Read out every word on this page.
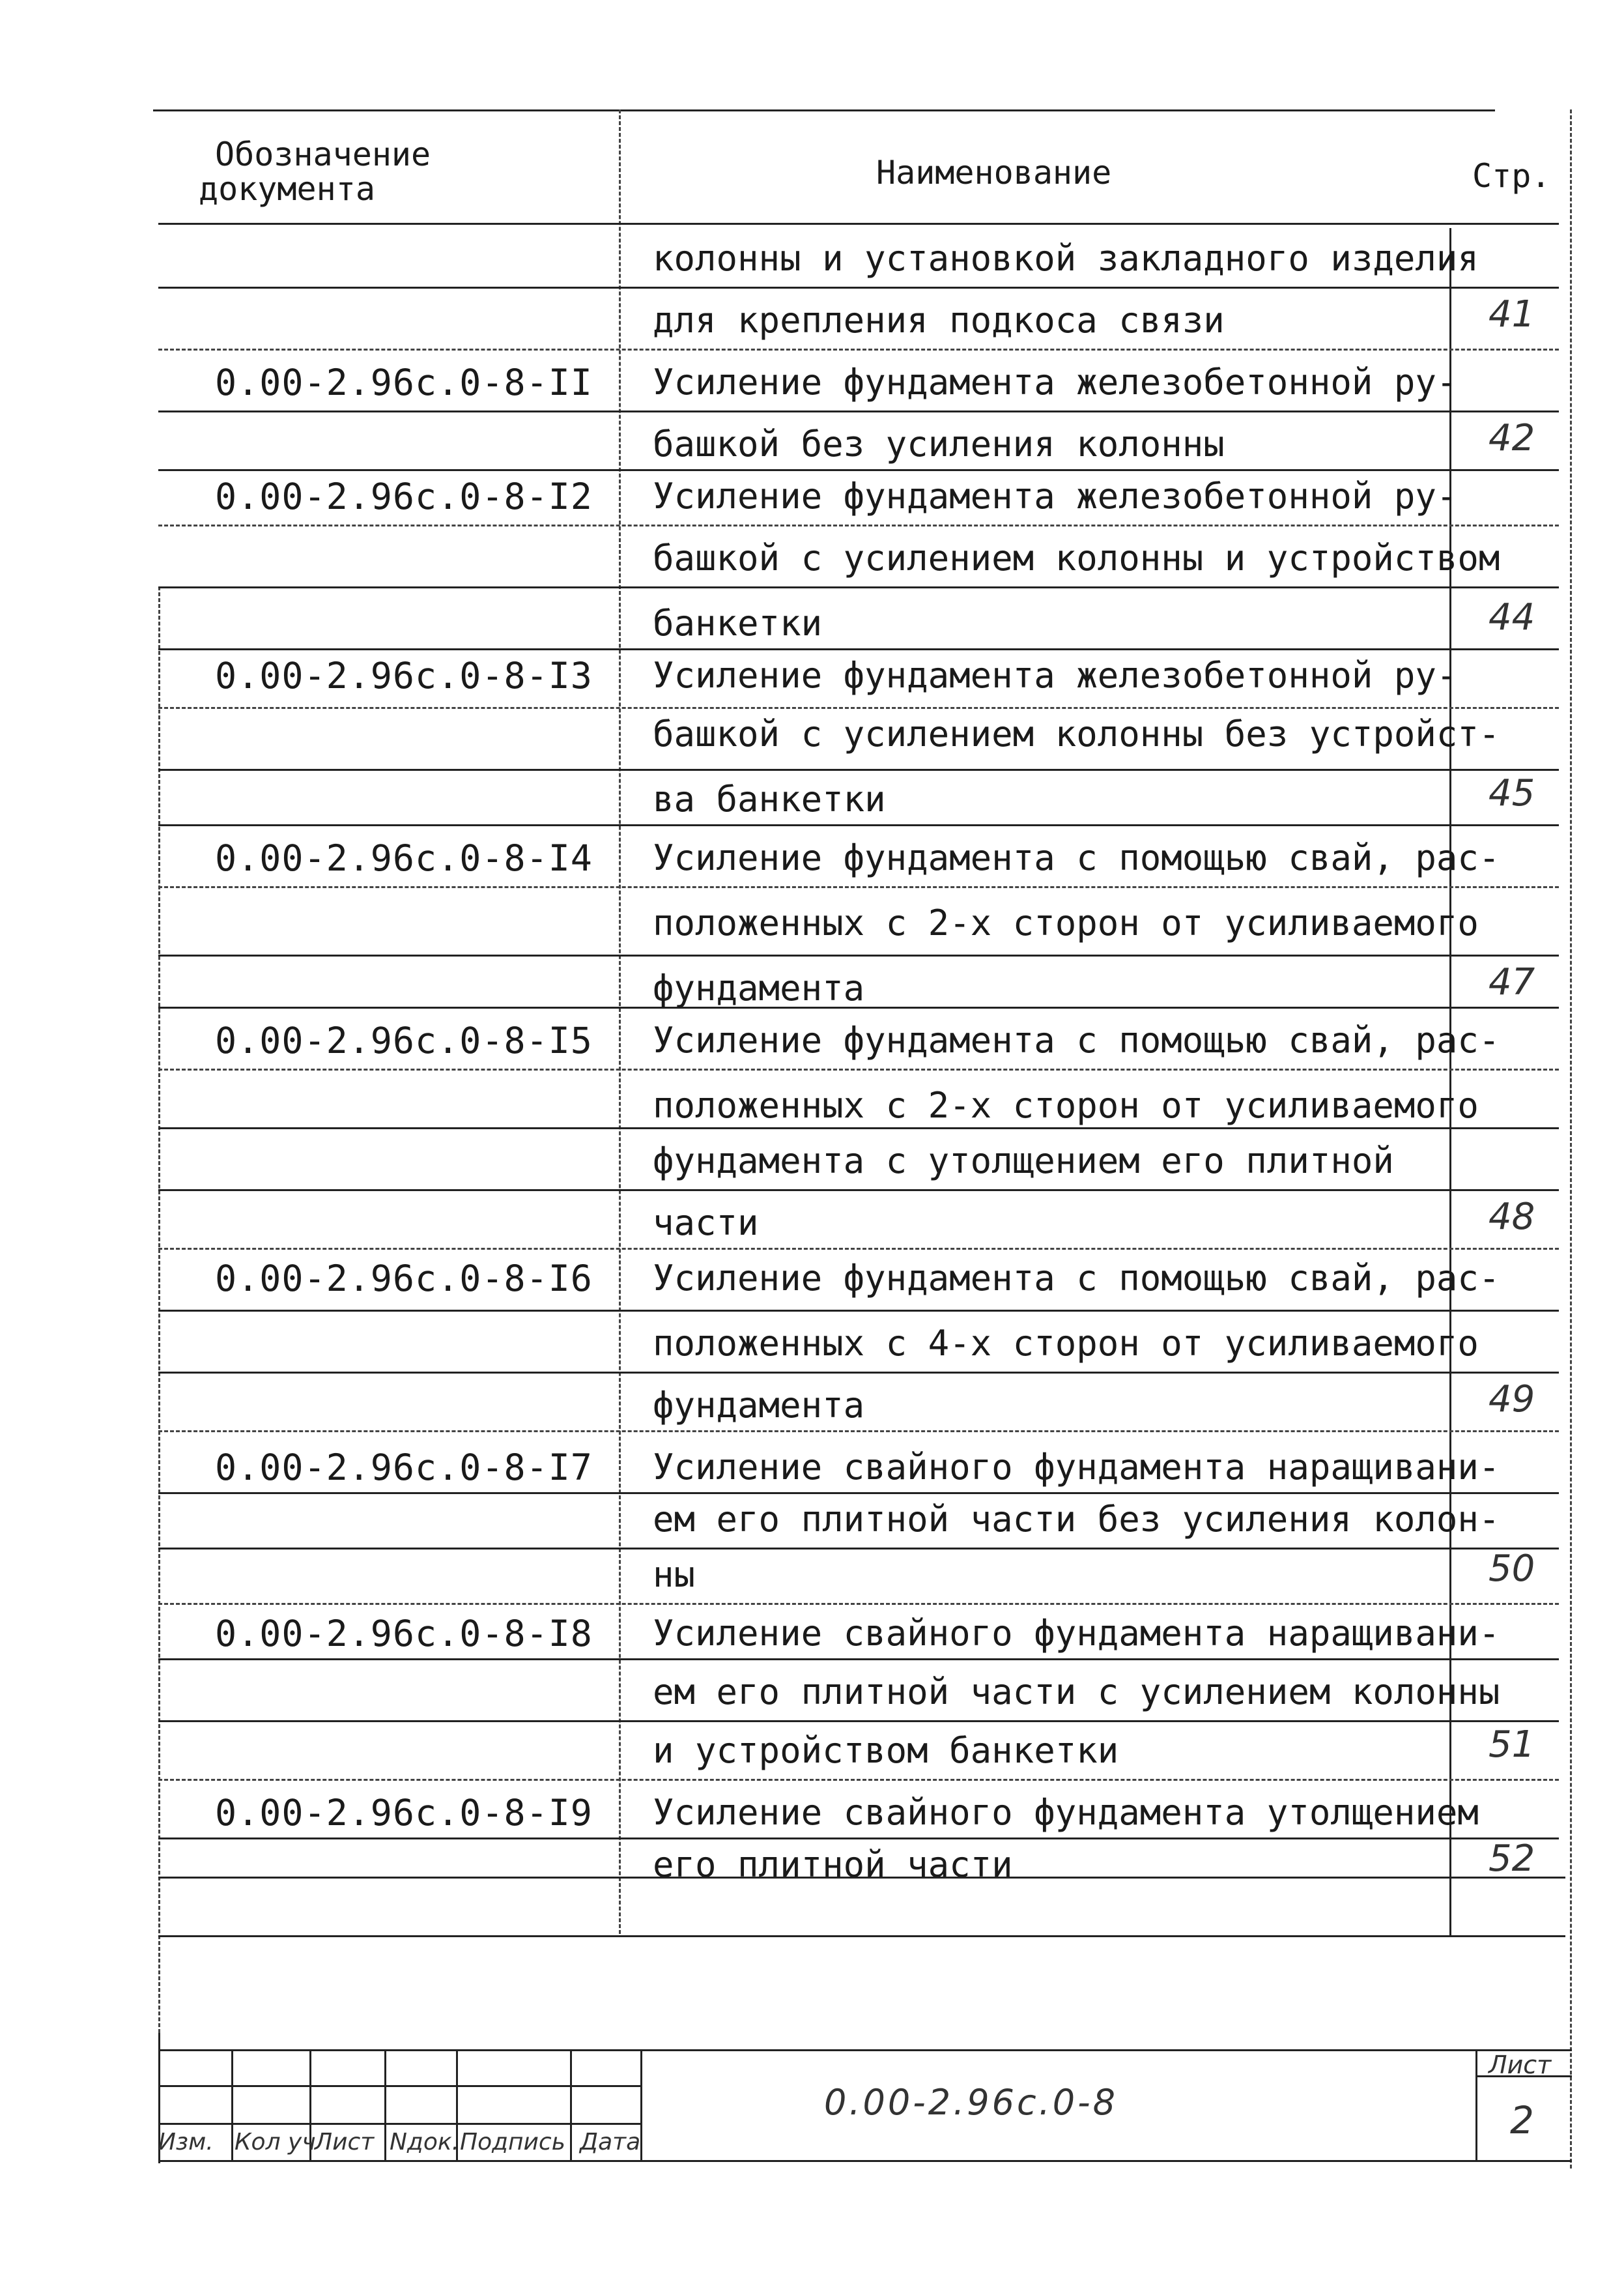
Обозначение
документа	Наименование	Стр.
колонны и установкой закладного изделия
для крепления подкоса связи	41
0.00-2.96с.0-8-II Усиление фундамента железобетонной ру-
башкой без усиления колонны	42
0.00-2.96с.0-8-I2 Усиление фундамента железобетонной ру-
башкой с усилением колонны и устройством
банкетки	44
0.00-2.96с.0-8-I3 Усиление фундамента железобетонной ру-
башкой с усилением колонны без устройст-
ва банкетки	45
0.00-2.96с.0-8-I4 Усиление фундамента с помощью свай, рас-
положенных с 2-х сторон от усиливаемого
фундамента	47
0.00-2.96с.0-8-I5 Усиление фундамента с помощью свай, рас-
положенных с 2-х сторон от усиливаемого
фундамента с утолщением его плитной
части	48
0.00-2.96с.0-8-I6 Усиление фундамента с помощью свай, рас-
положенных с 4-х сторон от усиливаемого
фундамента	49
0.00-2.96с.0-8-I7 Усиление свайного фундамента наращивани-
ем его плитной части без усиления колон-
ны	50
0.00-2.96с.0-8-I8 Усиление свайного фундамента наращивани-
ем его плитной части с усилением колонны
и устройством банкетки	51
0.00-2.96с.0-8-I9 Усиление свайного фундамента утолщением
его плитной части	52
Изм. Кол уч
Лист Nдок. Подпись Дата
0.00-2.96с.0-8
Лист
2
